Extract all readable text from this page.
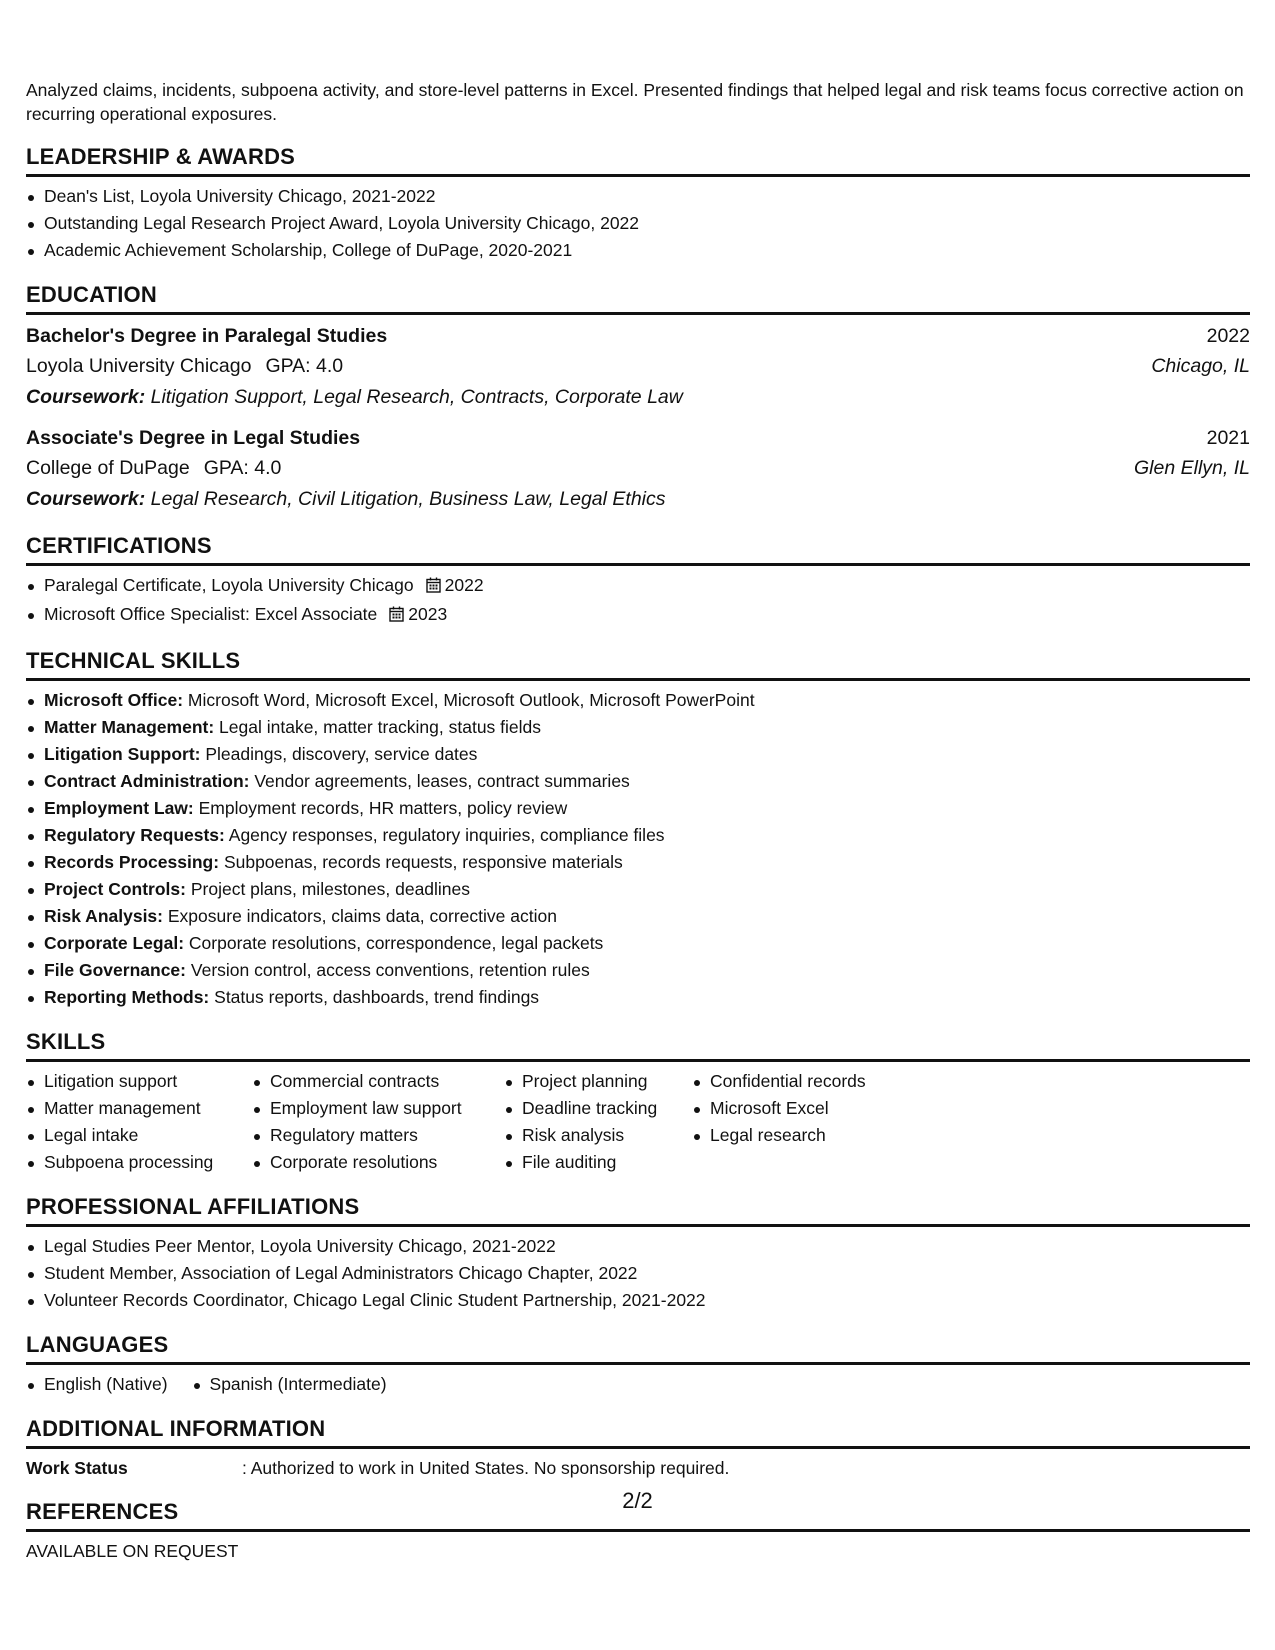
Analyzed claims, incidents, subpoena activity, and store-level patterns in Excel. Presented findings that helped legal and risk teams focus corrective action on recurring operational exposures.

LEADERSHIP & AWARDS
Dean's List, Loyola University Chicago, 2021-2022
Outstanding Legal Research Project Award, Loyola University Chicago, 2022
Academic Achievement Scholarship, College of DuPage, 2020-2021
EDUCATION
Bachelor's Degree in Paralegal Studies	2022
Loyola University Chicago GPA: 4.0	Chicago, IL
Coursework: Litigation Support, Legal Research, Contracts, Corporate Law
Associate's Degree in Legal Studies	2021
College of DuPage GPA: 4.0	Glen Ellyn, IL
Coursework: Legal Research, Civil Litigation, Business Law, Legal Ethics
CERTIFICATIONS
Paralegal Certificate, Loyola University Chicago 2022
Microsoft Office Specialist: Excel Associate 2023
TECHNICAL SKILLS
Microsoft Office: Microsoft Word, Microsoft Excel, Microsoft Outlook, Microsoft PowerPoint
Matter Management: Legal intake, matter tracking, status fields
Litigation Support: Pleadings, discovery, service dates
Contract Administration: Vendor agreements, leases, contract summaries
Employment Law: Employment records, HR matters, policy review
Regulatory Requests: Agency responses, regulatory inquiries, compliance files
Records Processing: Subpoenas, records requests, responsive materials
Project Controls: Project plans, milestones, deadlines
Risk Analysis: Exposure indicators, claims data, corrective action
Corporate Legal: Corporate resolutions, correspondence, legal packets
File Governance: Version control, access conventions, retention rules
Reporting Methods: Status reports, dashboards, trend findings
SKILLS
Litigation support
Matter management
Legal intake
Subpoena processing
Commercial contracts
Employment law support
Regulatory matters
Corporate resolutions
Project planning
Deadline tracking
Risk analysis
File auditing
Confidential records
Microsoft Excel
Legal research
PROFESSIONAL AFFILIATIONS
Legal Studies Peer Mentor, Loyola University Chicago, 2021-2022
Student Member, Association of Legal Administrators Chicago Chapter, 2022
Volunteer Records Coordinator, Chicago Legal Clinic Student Partnership, 2021-2022
LANGUAGES
English (Native)	Spanish (Intermediate)
ADDITIONAL INFORMATION
Work Status	: Authorized to work in United States. No sponsorship required.
REFERENCES
AVAILABLE ON REQUEST
2/2
